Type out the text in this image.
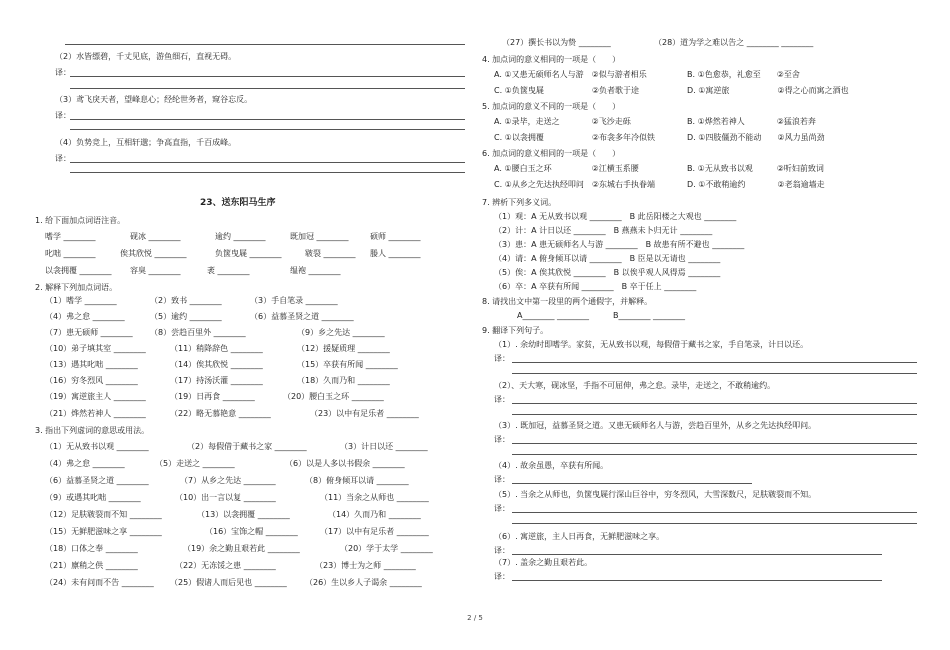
（2）水皆缥碧，千丈见底，游鱼细石，直视无碍。
译：
（3）鸢飞戾天者，望峰息心；经纶世务者，窥谷忘反。
译：
（4）负势竞上，互相轩邈；争高直指，千百成峰。
译：
23、送东阳马生序
1. 给下面加点词语注音。
嗜学 ________	砚冰 ________	逾约 ________	既加冠 ________	硕师 ________
叱咄 ________	俟其欣悦 ________	负箧曳屣 ________	皲裂 ________ 媵人 ________
以衾拥覆 ________ 容臭 ________	袤 ________	缊袍 ________
2. 解释下列加点词语。
（1）嗜学 ________	（2）致书 ________	（3）手自笔录 ________
（4）弗之怠 ________	（5）逾约 ________	（6）益慕圣贤之道 ________
（7）患无硕师 ________ （8）尝趋百里外 ________	（9）乡之先达 ________
（10）弟子填其室 ________	（11）稍降辞色 ________	（12）援疑质理 ________
（13）遇其叱咄 ________	（14）俟其欣悦 ________	（15）卒获有所闻 ________
（16）穷冬烈风 ________	（17）持汤沃灌 ________	（18）久而乃和 ________
（19）寓逆旅主人 ________	（19）日再食 ________	（20）腰白玉之环 ________
（21）烨然若神人 ________	（22）略无慕艳意 ________	（23）以中有足乐者 ________
3. 指出下列虚词的意思或用法。
（1）无从致书以观 ________	（2）每假借于藏书之家 ________	（3）计日以还 ________
（4）弗之怠 ________	（5）走送之 ________	（6）以是人多以书假余 ________
（6）益慕圣贤之道 ________	（7）从乡之先达 ________	（8）俯身倾耳以请 ________
（9）或遇其叱咄 ________	（10）出一言以复 ________	（11）当余之从师也 ________
（12）足肤皲裂而不知 ________	（13）以衾拥覆 ________	（14）久而乃和 ________
（15）无鲜肥滋味之享 ________	（16）宝饰之帽 ________	（17）以中有足乐者 ________
（18）口体之奉 ________	（19）余之勤且艰若此 ________	（20）学于太学 ________
（21）廪稍之供 ________	（22）无冻馁之患 ________	（23）博士为之师 ________
（24）未有问而不告 ________ （25）假诸人而后见也 ________ （26）生以乡人子谒余 ________
（27）撰长书以为贽 ________	（28）道为学之难以告之 ________ ________
4. 加点词的意义相同的一项是（　　）
A. ①又患无硕师名人与游　②似与游者相乐	B. ①色愈恭，礼愈至　　②至舍
C. ①负箧曳屣　　　　　　②负者歌于途	D. ①寓逆旅　　　　　　②得之心而寓之酒也
5. 加点词的意义不同的一项是（　　）
A. ①录毕，走送之　　　　②飞沙走砾	B. ①烨然若神人　　　　②猛浪若奔
C. ①以衾拥覆　　　　　　②布衾多年冷似铁	D. ①四肢僵劲不能动　　②风力虽尚劲
6. 加点词的意义相同的一项是（　　）
A. ①腰白玉之环　　　　　②江横玉系腰	B. ①无从致书以观　　　②听妇前致词
C. ①从乡之先达执经叩问　②东城右手执眷端	D. ①不敢稍逾约　　　　②老翁逾墙走
7. 辨析下列多义词。
（1）观：A 无从致书以观 ________　B 此岳阳楼之大观也 ________
（2）计：A 计日以还 ________　B 燕燕未卜归无计 ________
（3）患：A 患无硕师名人与游 ________　B 故患有所不避也 ________
（4）请：A 俯身倾耳以请 ________　B 臣是以无请也 ________
（5）俟：A 俟其欣悦 ________　B 以俟乎观人风得焉 ________
（6）卒：A 卒获有所闻 ________　B 卒于任上 ________
8. 请找出文中第一段里的两个通假字，并解释。
A________ ________　　　B________ ________
9. 翻译下列句子。
（1）. 余幼时即嗜学。家贫，无从致书以观，每假借于藏书之家，手自笔录，计日以还。
译：
（2）、天大寒，砚冰坚，手指不可屈伸，弗之怠。录毕，走送之，不敢稍逾约。
译：
（3）. 既加冠，益慕圣贤之道。又患无硕师名人与游，尝趋百里外，从乡之先达执经叩问。
译：
（4）. 故余虽愚，卒获有所闻。
译：
（5）. 当余之从师也，负箧曳屣行深山巨谷中，穷冬烈风，大雪深数尺，足肤皲裂而不知。
译：
（6）. 寓逆旅，主人日再食，无鲜肥滋味之享。
译：
（7）. 盖余之勤且艰若此。
译：
2 / 5
